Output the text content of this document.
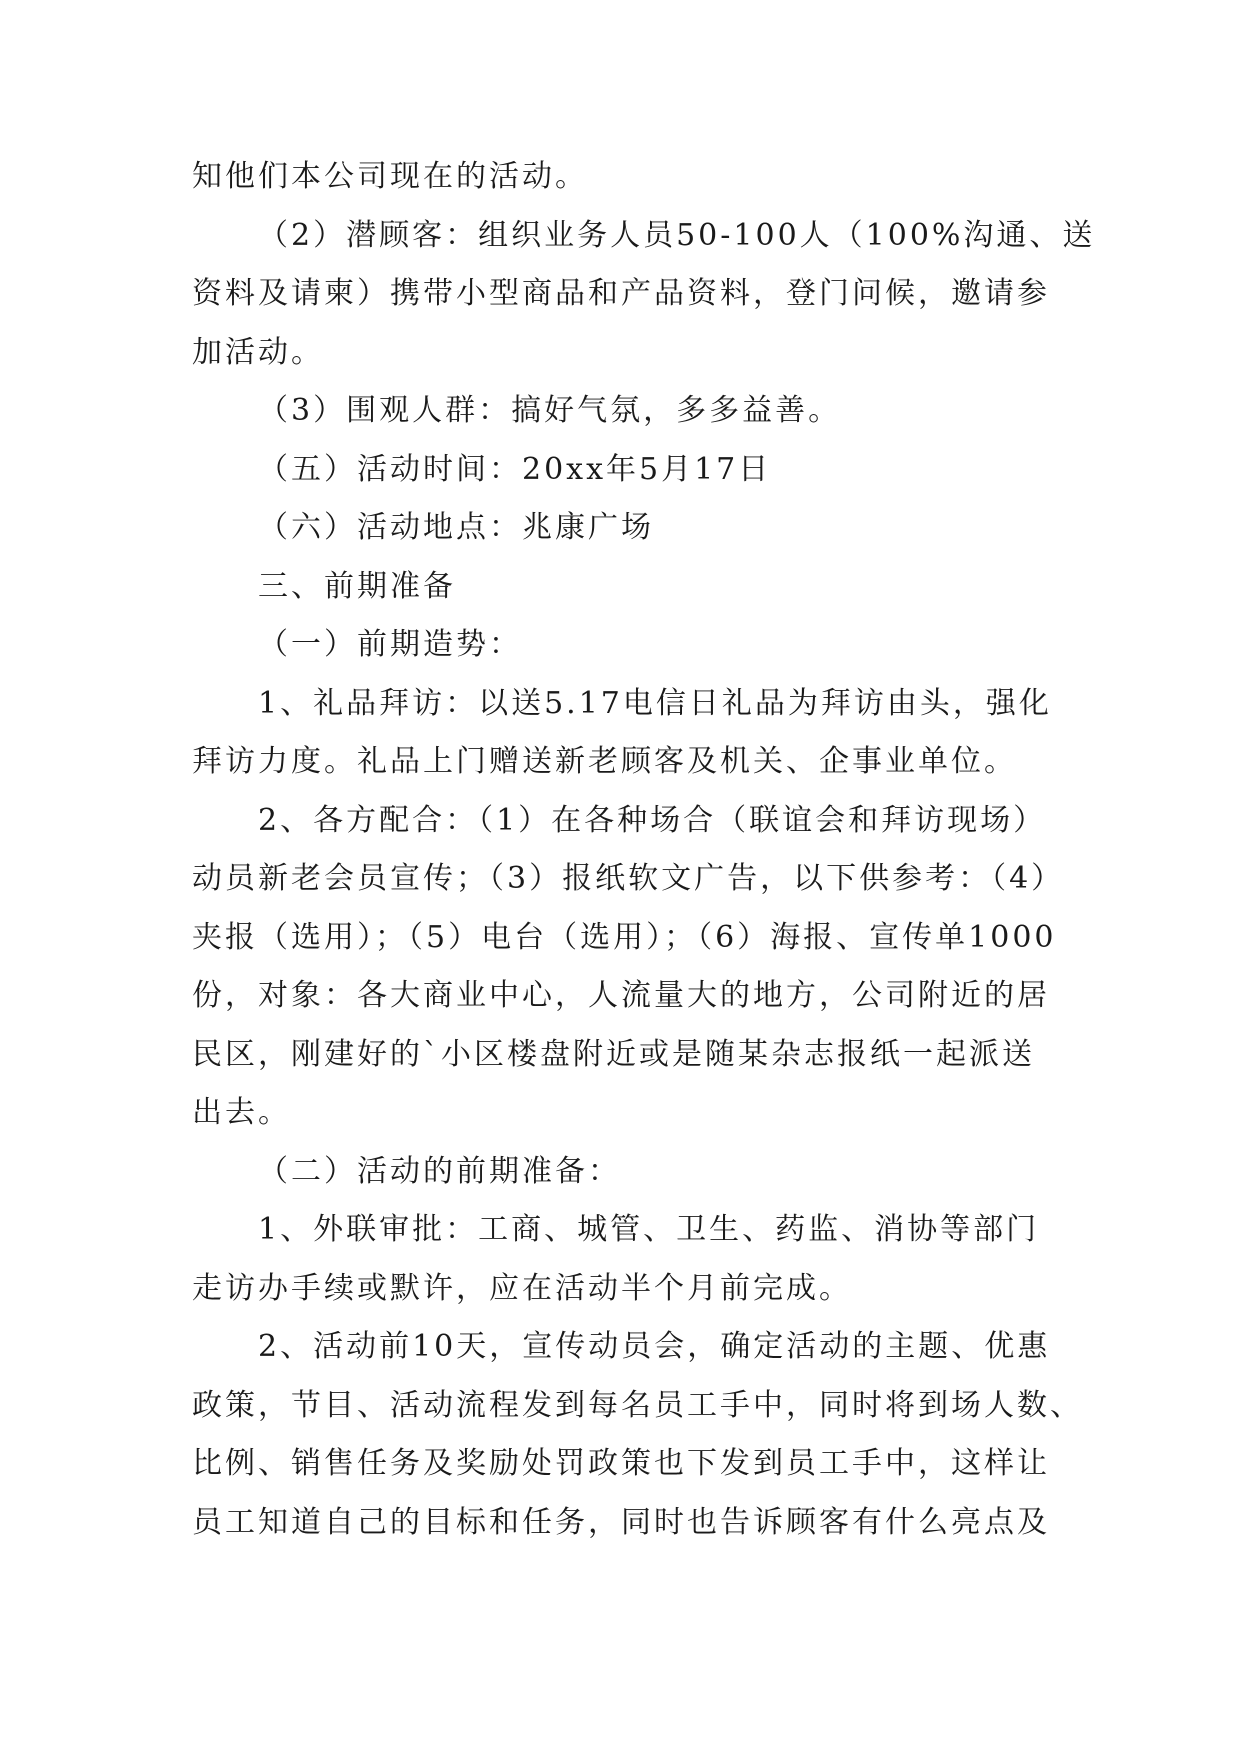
知他们本公司现在的活动。
（2）潜顾客：组织业务人员50-100人（100%沟通、送
资料及请柬）携带小型商品和产品资料，登门问候，邀请参
加活动。
（3）围观人群：搞好气氛，多多益善。
（五）活动时间：20xx年5月17日
（六）活动地点：兆康广场
三、前期准备
（一）前期造势：
1、礼品拜访：以送5.17电信日礼品为拜访由头，强化
拜访力度。礼品上门赠送新老顾客及机关、企事业单位。
2、各方配合：（1）在各种场合（联谊会和拜访现场）
动员新老会员宣传；（3）报纸软文广告，以下供参考：（4）
夹报（选用）；（5）电台（选用）；（6）海报、宣传单1000
份，对象：各大商业中心，人流量大的地方，公司附近的居
民区，刚建好的`小区楼盘附近或是随某杂志报纸一起派送
出去。
（二）活动的前期准备：
1、外联审批：工商、城管、卫生、药监、消协等部门
走访办手续或默许，应在活动半个月前完成。
2、活动前10天，宣传动员会，确定活动的主题、优惠
政策，节目、活动流程发到每名员工手中，同时将到场人数、
比例、销售任务及奖励处罚政策也下发到员工手中，这样让
员工知道自己的目标和任务，同时也告诉顾客有什么亮点及
